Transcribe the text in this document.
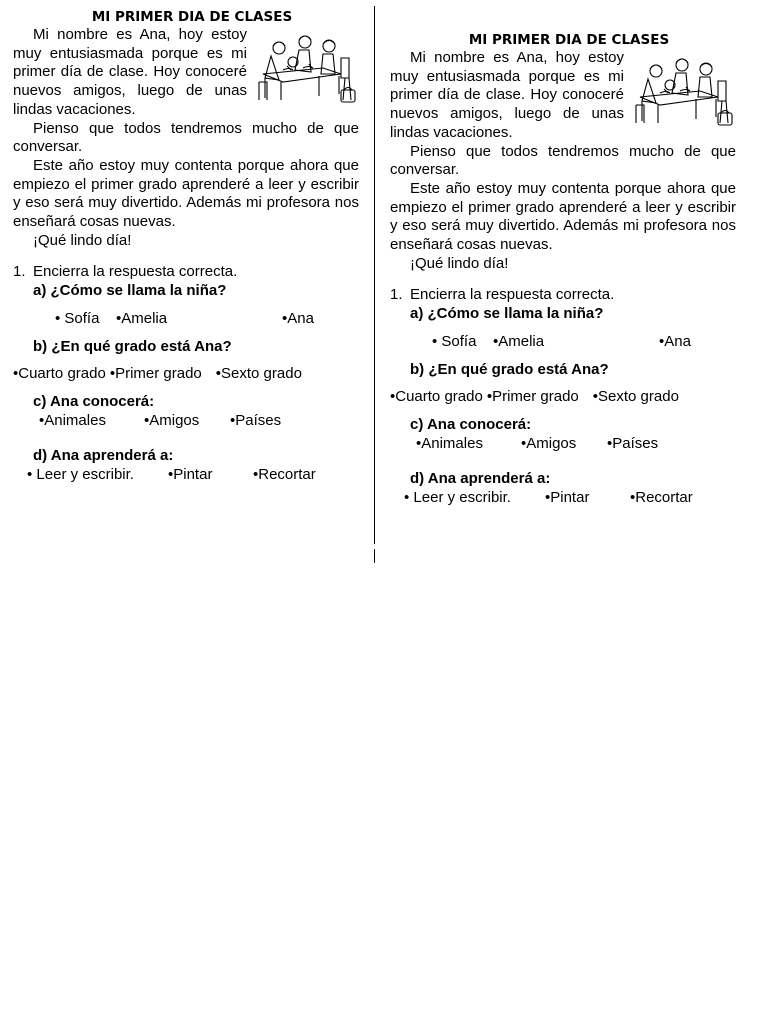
MI PRIMER DIA DE CLASES

Mi nombre es Ana, hoy estoy muy entusiasmada porque es mi primer día de clase. Hoy conoceré nuevos amigos, luego de unas lindas vacaciones.

Pienso que todos tendremos mucho de que conversar.

Este año estoy muy contenta porque ahora que empiezo el primer grado aprenderé a leer y escribir y eso será muy divertido. Además mi profesora nos enseñará cosas nuevas.

¡Qué lindo día!

1. Encierra la respuesta correcta.
a) ¿Cómo se llama la niña?
• Sofía	•Amelia	•Ana
b) ¿En qué grado está Ana?
•Cuarto grado •Primer grado •Sexto grado
c) Ana conocerá:
•Animales	•Amigos	•Países
d) Ana aprenderá a:
• Leer y escribir.	•Pintar	•Recortar
MI PRIMER DIA DE CLASES

Mi nombre es Ana, hoy estoy muy entusiasmada porque es mi primer día de clase. Hoy conoceré nuevos amigos, luego de unas lindas vacaciones.

Pienso que todos tendremos mucho de que conversar.

Este año estoy muy contenta porque ahora que empiezo el primer grado aprenderé a leer y escribir y eso será muy divertido. Además mi profesora nos enseñará cosas nuevas.

¡Qué lindo día!

1. Encierra la respuesta correcta.
a) ¿Cómo se llama la niña?
• Sofía	•Amelia	•Ana
b) ¿En qué grado está Ana?
•Cuarto grado •Primer grado •Sexto grado
c) Ana conocerá:
•Animales	•Amigos	•Países
d) Ana aprenderá a:
• Leer y escribir.	•Pintar	•Recortar
